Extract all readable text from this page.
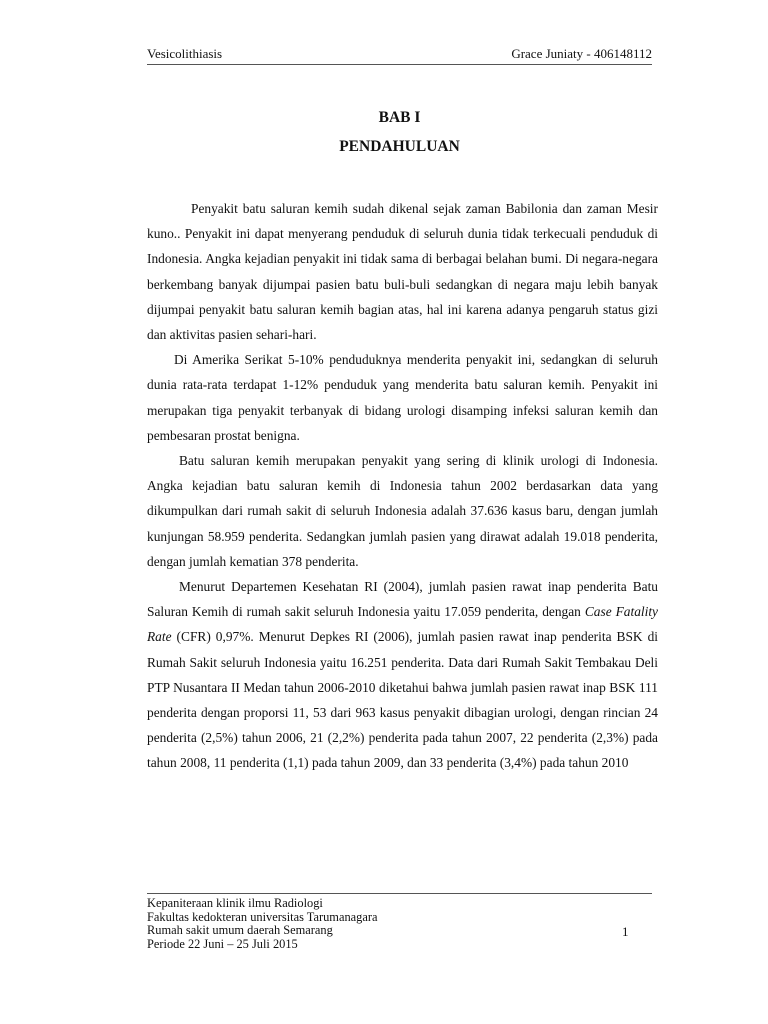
Vesicolithiasis	Grace Juniaty - 406148112
BAB I
PENDAHULUAN

Penyakit batu saluran kemih sudah dikenal sejak zaman Babilonia dan zaman Mesir kuno.. Penyakit ini dapat menyerang penduduk di seluruh dunia tidak terkecuali penduduk di Indonesia. Angka kejadian penyakit ini tidak sama di berbagai belahan bumi. Di negara-negara berkembang banyak dijumpai pasien batu buli-buli sedangkan di negara maju lebih banyak dijumpai penyakit batu saluran kemih bagian atas, hal ini karena adanya pengaruh status gizi dan aktivitas pasien sehari-hari.

Di Amerika Serikat 5-10% penduduknya menderita penyakit ini, sedangkan di seluruh dunia rata-rata terdapat 1-12% penduduk yang menderita batu saluran kemih. Penyakit ini merupakan tiga penyakit terbanyak di bidang urologi disamping infeksi saluran kemih dan pembesaran prostat benigna.

Batu saluran kemih merupakan penyakit yang sering di klinik urologi di Indonesia. Angka kejadian batu saluran kemih di Indonesia tahun 2002 berdasarkan data yang dikumpulkan dari rumah sakit di seluruh Indonesia adalah 37.636 kasus baru, dengan jumlah kunjungan 58.959 penderita. Sedangkan jumlah pasien yang dirawat adalah 19.018 penderita, dengan jumlah kematian 378 penderita.

Menurut Departemen Kesehatan RI (2004), jumlah pasien rawat inap penderita Batu Saluran Kemih di rumah sakit seluruh Indonesia yaitu 17.059 penderita, dengan Case Fatality Rate (CFR) 0,97%. Menurut Depkes RI (2006), jumlah pasien rawat inap penderita BSK di Rumah Sakit seluruh Indonesia yaitu 16.251 penderita. Data dari Rumah Sakit Tembakau Deli PTP Nusantara II Medan tahun 2006-2010 diketahui bahwa jumlah pasien rawat inap BSK 111 penderita dengan proporsi 11, 53 dari 963 kasus penyakit dibagian urologi, dengan rincian 24 penderita (2,5%) tahun 2006, 21 (2,2%) penderita pada tahun 2007, 22 penderita (2,3%) pada tahun 2008, 11 penderita (1,1) pada tahun 2009, dan 33 penderita (3,4%) pada tahun 2010

Kepaniteraan klinik ilmu Radiologi
Fakultas kedokteran universitas Tarumanagara
Rumah sakit umum daerah Semarang
Periode 22 Juni – 25 Juli 2015
1
